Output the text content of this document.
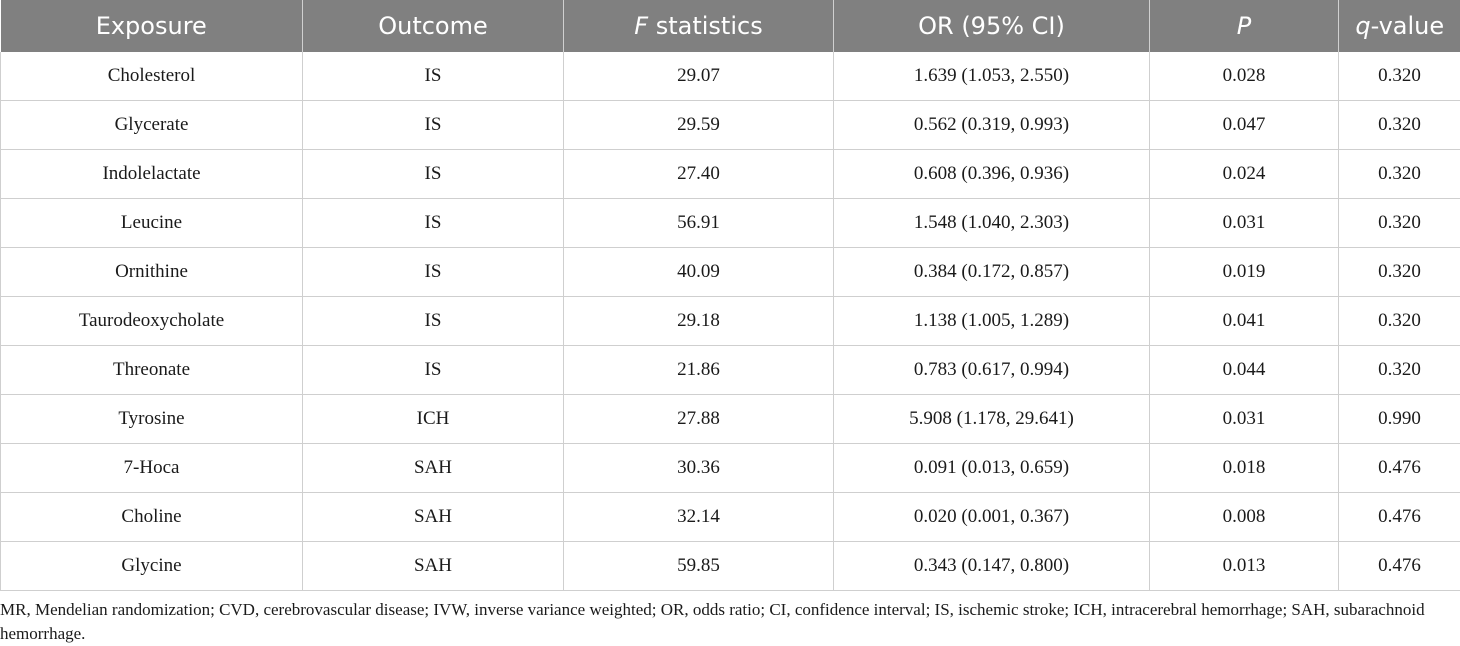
Exposure	Outcome	F statistics	OR (95% CI)	P	q-value
Cholesterol	IS	29.07	1.639 (1.053, 2.550)	0.028	0.320
Glycerate	IS	29.59	0.562 (0.319, 0.993)	0.047	0.320
Indolelactate	IS	27.40	0.608 (0.396, 0.936)	0.024	0.320
Leucine	IS	56.91	1.548 (1.040, 2.303)	0.031	0.320
Ornithine	IS	40.09	0.384 (0.172, 0.857)	0.019	0.320
Taurodeoxycholate	IS	29.18	1.138 (1.005, 1.289)	0.041	0.320
Threonate	IS	21.86	0.783 (0.617, 0.994)	0.044	0.320
Tyrosine	ICH	27.88	5.908 (1.178, 29.641)	0.031	0.990
7-Hoca	SAH	30.36	0.091 (0.013, 0.659)	0.018	0.476
Choline	SAH	32.14	0.020 (0.001, 0.367)	0.008	0.476
Glycine	SAH	59.85	0.343 (0.147, 0.800)	0.013	0.476
MR, Mendelian randomization; CVD, cerebrovascular disease; IVW, inverse variance weighted; OR, odds ratio; CI, confidence interval; IS, ischemic stroke; ICH, intracerebral hemorrhage; SAH, subarachnoid hemorrhage.
